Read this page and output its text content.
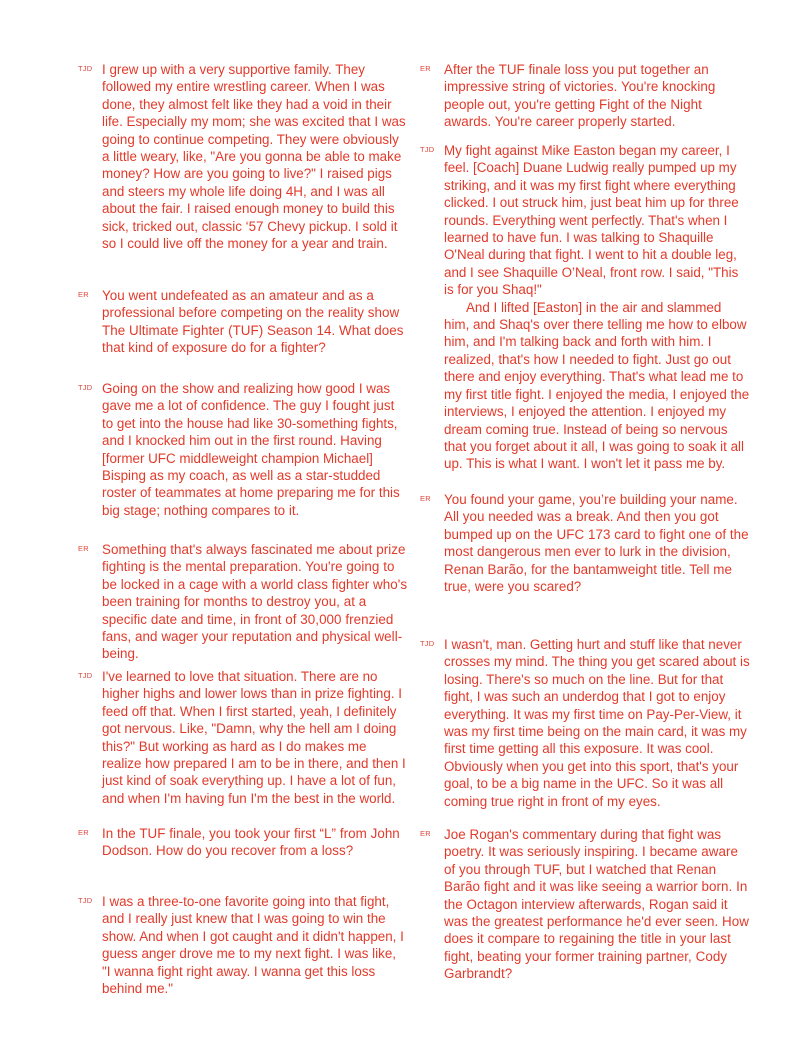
TJD I grew up with a very supportive family. They followed my entire wrestling career. When I was done, they almost felt like they had a void in their life. Especially my mom; she was excited that I was going to continue competing. They were obviously a little weary, like, "Are you gonna be able to make money? How are you going to live?" I raised pigs and steers my whole life doing 4H, and I was all about the fair. I raised enough money to build this sick, tricked out, classic ‘57 Chevy pickup. I sold it so I could live off the money for a year and train.

ER You went undefeated as an amateur and as a professional before competing on the reality show The Ultimate Fighter (TUF) Season 14. What does that kind of exposure do for a fighter?

TJD Going on the show and realizing how good I was gave me a lot of confidence. The guy I fought just to get into the house had like 30-something fights, and I knocked him out in the first round. Having [former UFC middleweight champion Michael] Bisping as my coach, as well as a star-studded roster of teammates at home preparing me for this big stage; nothing compares to it.

ER Something that's always fascinated me about prize fighting is the mental preparation. You're going to be locked in a cage with a world class fighter who's been training for months to destroy you, at a specific date and time, in front of 30,000 frenzied fans, and wager your reputation and physical well-being.

TJD I've learned to love that situation. There are no higher highs and lower lows than in prize fighting. I feed off that. When I first started, yeah, I definitely got nervous. Like, "Damn, why the hell am I doing this?" But working as hard as I do makes me realize how prepared I am to be in there, and then I just kind of soak everything up. I have a lot of fun, and when I'm having fun I'm the best in the world.

ER In the TUF finale, you took your first “L” from John Dodson. How do you recover from a loss?

TJD I was a three-to-one favorite going into that fight, and I really just knew that I was going to win the show. And when I got caught and it didn't happen, I guess anger drove me to my next fight. I was like, "I wanna fight right away. I wanna get this loss behind me."

ER After the TUF finale loss you put together an impressive string of victories. You're knocking people out, you're getting Fight of the Night awards. You're career properly started.

TJD My fight against Mike Easton began my career, I feel. [Coach] Duane Ludwig really pumped up my striking, and it was my first fight where everything clicked. I out struck him, just beat him up for three rounds. Everything went perfectly. That's when I learned to have fun. I was talking to Shaquille O'Neal during that fight. I went to hit a double leg, and I see Shaquille O’Neal, front row. I said, "This is for you Shaq!"

And I lifted [Easton] in the air and slammed him, and Shaq's over there telling me how to elbow him, and I'm talking back and forth with him. I realized, that's how I needed to fight. Just go out there and enjoy everything. That's what lead me to my first title fight. I enjoyed the media, I enjoyed the interviews, I enjoyed the attention. I enjoyed my dream coming true. Instead of being so nervous that you forget about it all, I was going to soak it all up. This is what I want. I won't let it pass me by.

ER You found your game, you’re building your name. All you needed was a break. And then you got bumped up on the UFC 173 card to fight one of the most dangerous men ever to lurk in the division, Renan Barão, for the bantamweight title. Tell me true, were you scared?

TJD I wasn't, man. Getting hurt and stuff like that never crosses my mind. The thing you get scared about is losing. There's so much on the line. But for that fight, I was such an underdog that I got to enjoy everything. It was my first time on Pay-Per-View, it was my first time being on the main card, it was my first time getting all this exposure. It was cool. Obviously when you get into this sport, that's your goal, to be a big name in the UFC. So it was all coming true right in front of my eyes.

ER Joe Rogan's commentary during that fight was poetry. It was seriously inspiring. I became aware of you through TUF, but I watched that Renan Barão fight and it was like seeing a warrior born. In the Octagon interview afterwards, Rogan said it was the greatest performance he'd ever seen. How does it compare to regaining the title in your last fight, beating your former training partner, Cody Garbrandt?
